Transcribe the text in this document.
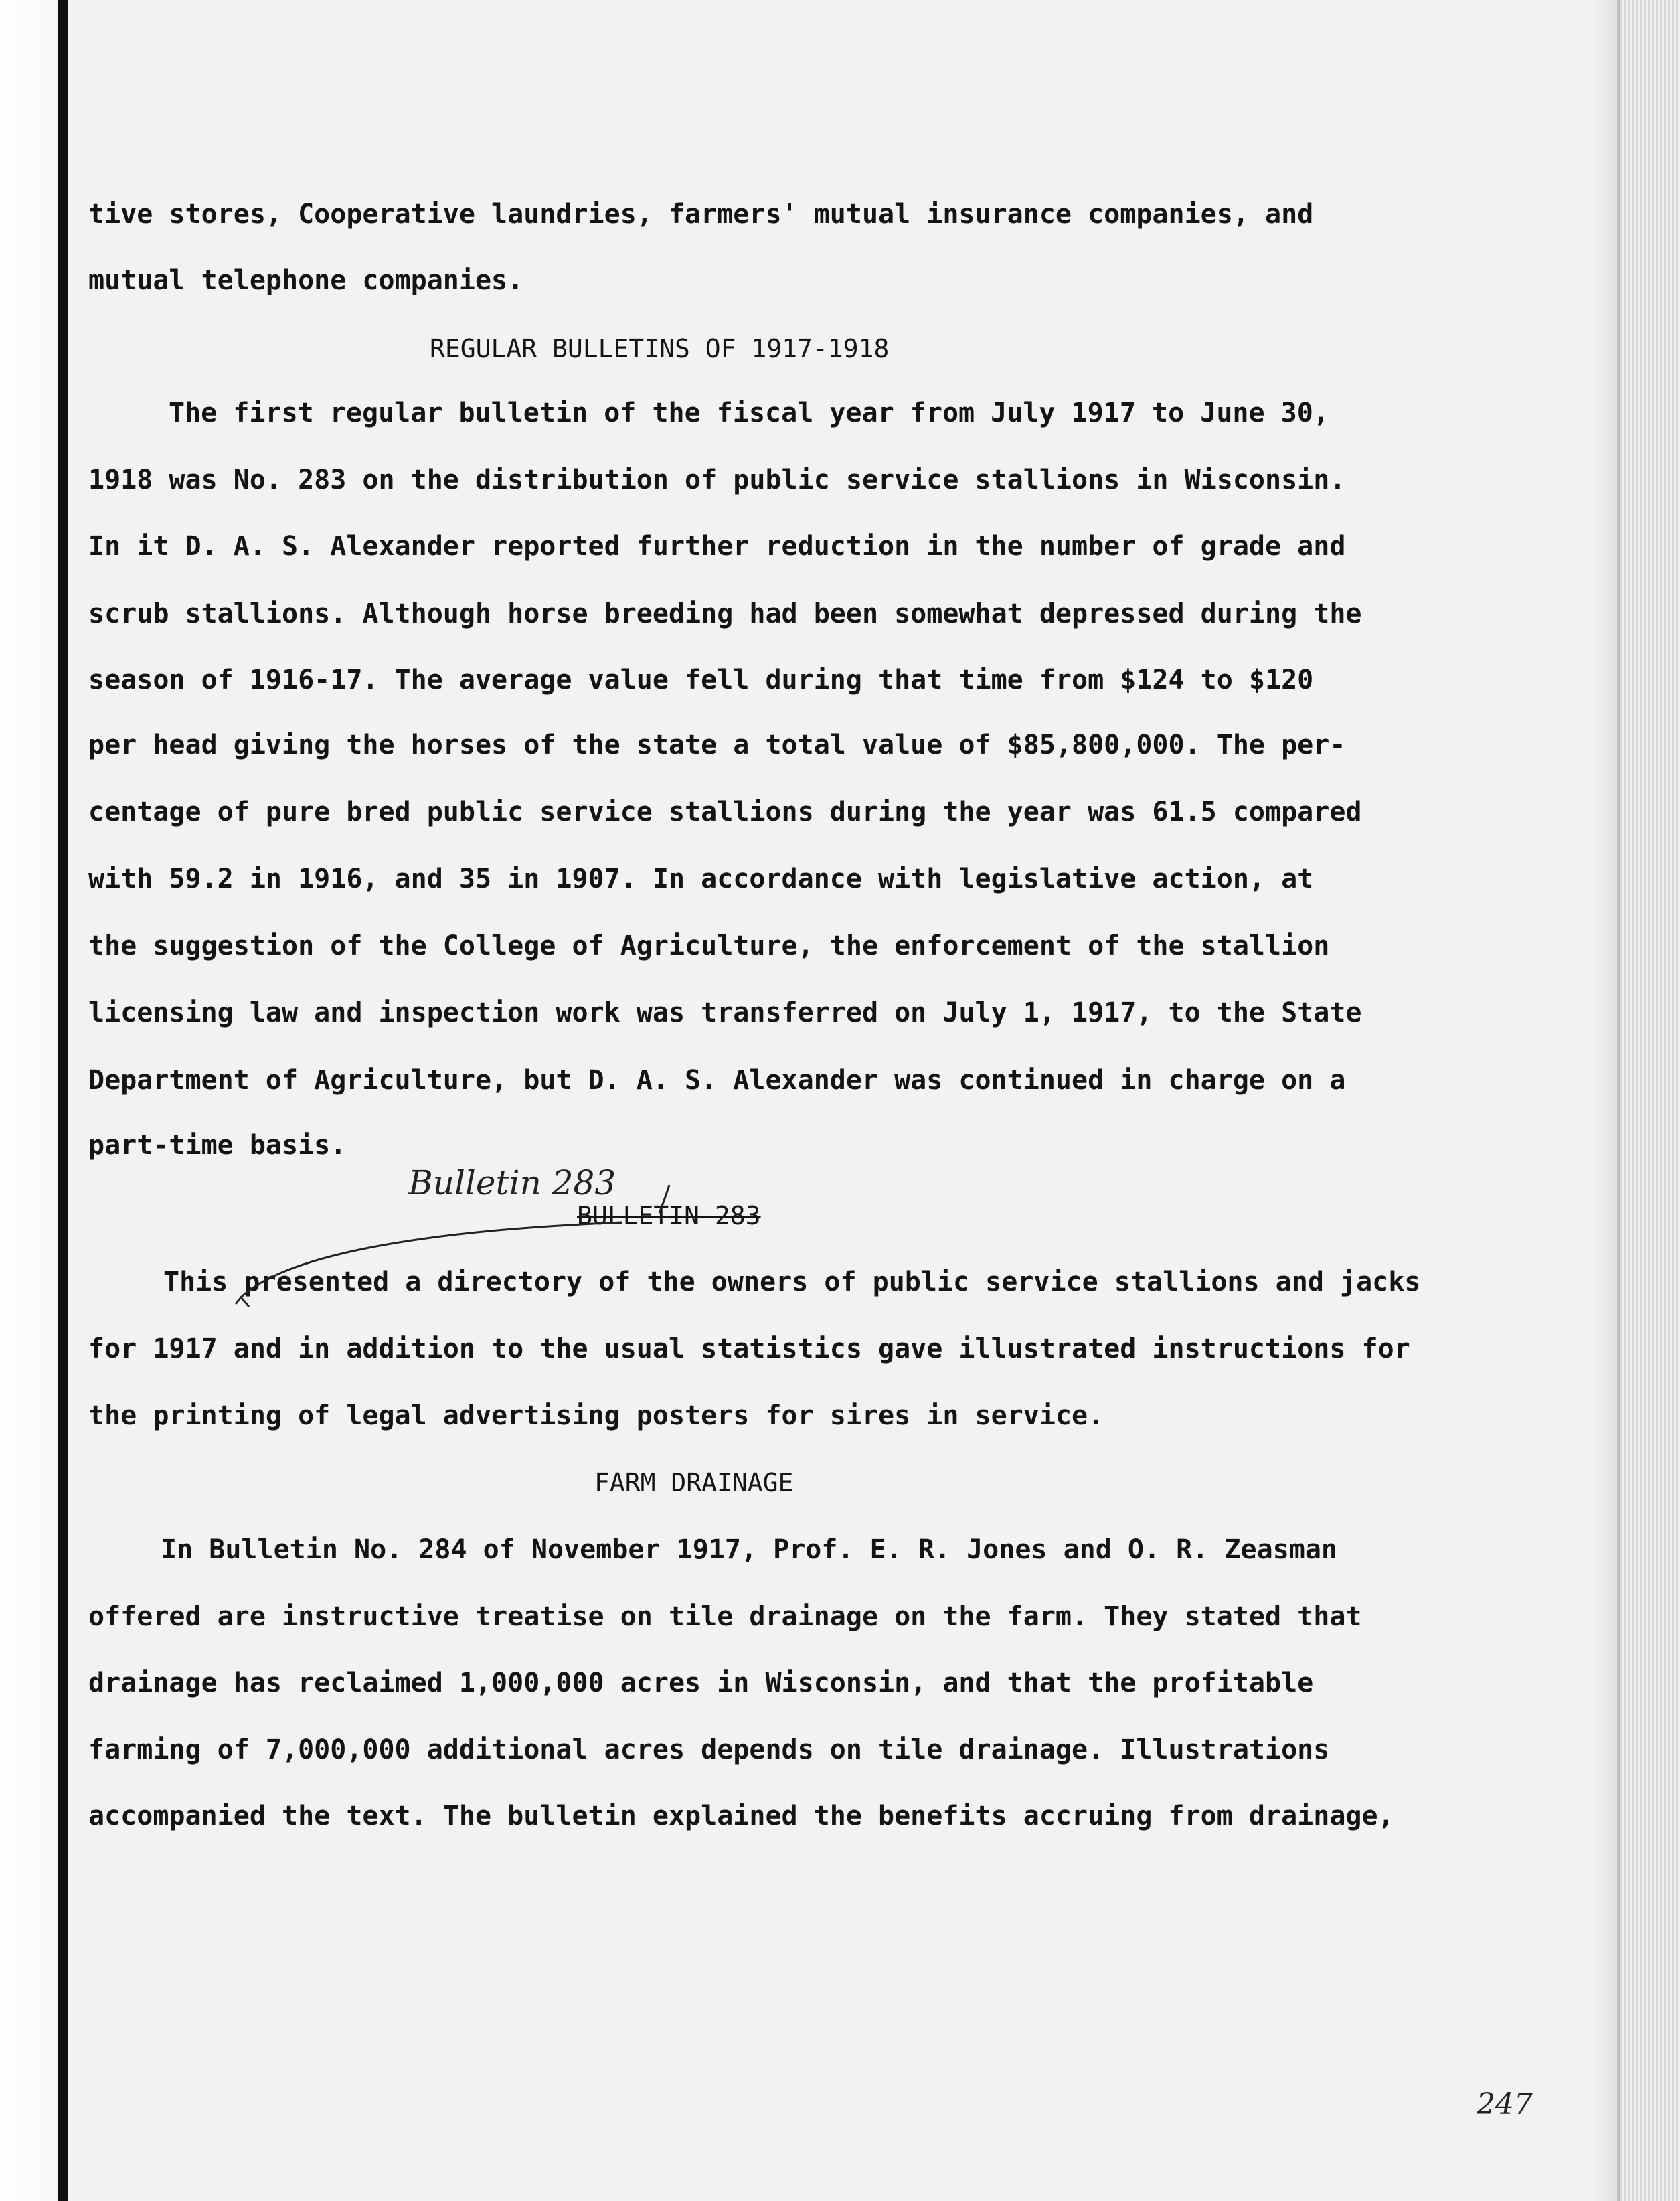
tive stores, Cooperative laundries, farmers' mutual insurance companies, and
mutual telephone companies.
REGULAR BULLETINS OF 1917-1918
The first regular bulletin of the fiscal year from July 1917 to June 30,
1918 was No. 283 on the distribution of public service stallions in Wisconsin.
In it D. A. S. Alexander reported further reduction in the number of grade and
scrub stallions. Although horse breeding had been somewhat depressed during the
season of 1916-17. The average value fell during that time from $124 to $120
per head giving the horses of the state a total value of $85,800,000. The per-
centage of pure bred public service stallions during the year was 61.5 compared
with 59.2 in 1916, and 35 in 1907. In accordance with legislative action, at
the suggestion of the College of Agriculture, the enforcement of the stallion
licensing law and inspection work was transferred on July 1, 1917, to the State
Department of Agriculture, but D. A. S. Alexander was continued in charge on a
part-time basis.
BULLETIN 283
This presented a directory of the owners of public service stallions and jacks
for 1917 and in addition to the usual statistics gave illustrated instructions for
the printing of legal advertising posters for sires in service.
FARM DRAINAGE
In Bulletin No. 284 of November 1917, Prof. E. R. Jones and O. R. Zeasman
offered are instructive treatise on tile drainage on the farm. They stated that
drainage has reclaimed 1,000,000 acres in Wisconsin, and that the profitable
farming of 7,000,000 additional acres depends on tile drainage. Illustrations
accompanied the text. The bulletin explained the benefits accruing from drainage,
Bulletin 283
247
